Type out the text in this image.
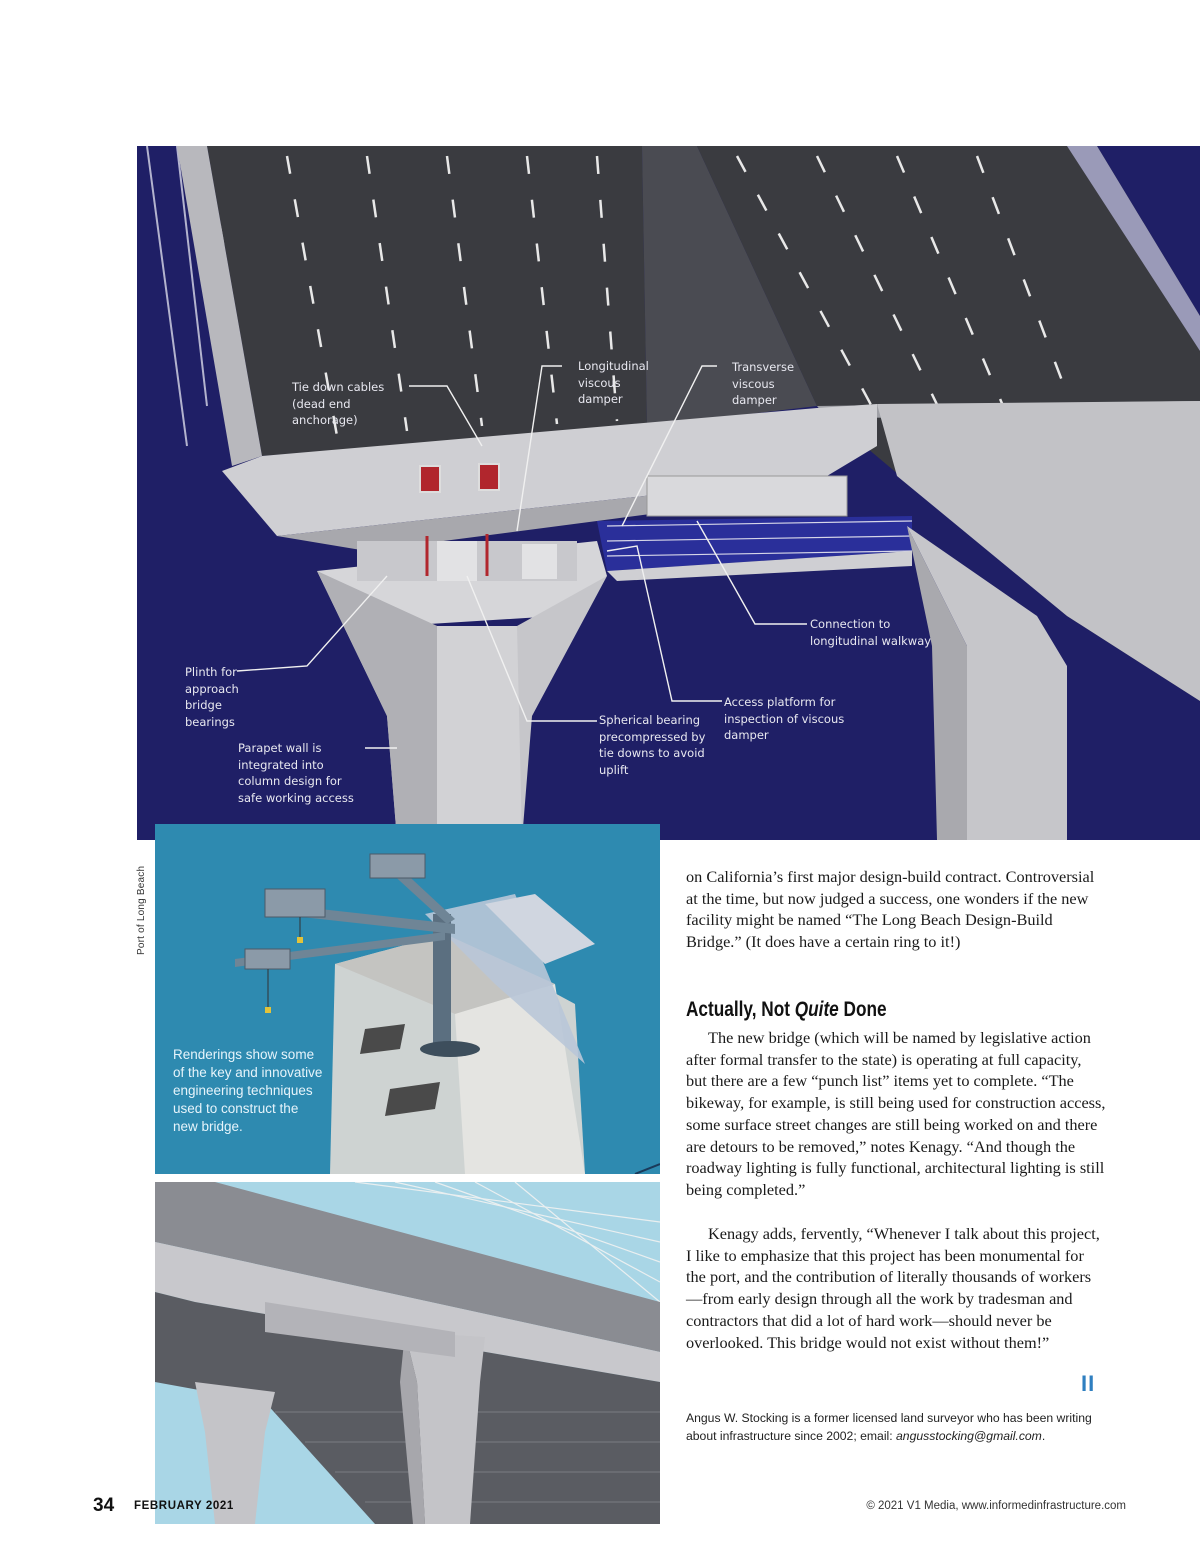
Tie down cables
(dead end
anchorage)
Longitudinal
viscous
damper
Transverse
viscous
damper
Connection to
longitudinal walkway
Plinth for
approach
bridge
bearings
Access platform for
inspection of viscous
damper
Spherical bearing
precompressed by
tie downs to avoid
uplift
Parapet wall is
integrated into
column design for
safe working access
Port of Long Beach
Renderings show some of the key and innovative engineering techniques used to construct the new bridge.
on California’s first major design-build contract. Controversial at the time, but now judged a success, one wonders if the new facility might be named “The Long Beach Design-Build Bridge.” (It does have a certain ring to it!)
Actually, Not Quite Done
The new bridge (which will be named by legislative action after formal transfer to the state) is operating at full capacity, but there are a few “punch list” items yet to complete. “The bikeway, for example, is still being used for construction access, some surface street changes are still being worked on and there are detours to be removed,” notes Kenagy. “And though the roadway lighting is fully functional, architectural lighting is still being completed.”
Kenagy adds, fervently, “Whenever I talk about this project, I like to emphasize that this project has been monumental for the port, and the contribution of literally thousands of workers—from early design through all the work by tradesman and contractors that did a lot of hard work—should never be overlooked. This bridge would not exist without them!”
II
Angus W. Stocking is a former licensed land surveyor who has been writing about infrastructure since 2002; email: angusstocking@gmail.com.
34 FEBRUARY 2021	© 2021 V1 Media, www.informedinfrastructure.com
